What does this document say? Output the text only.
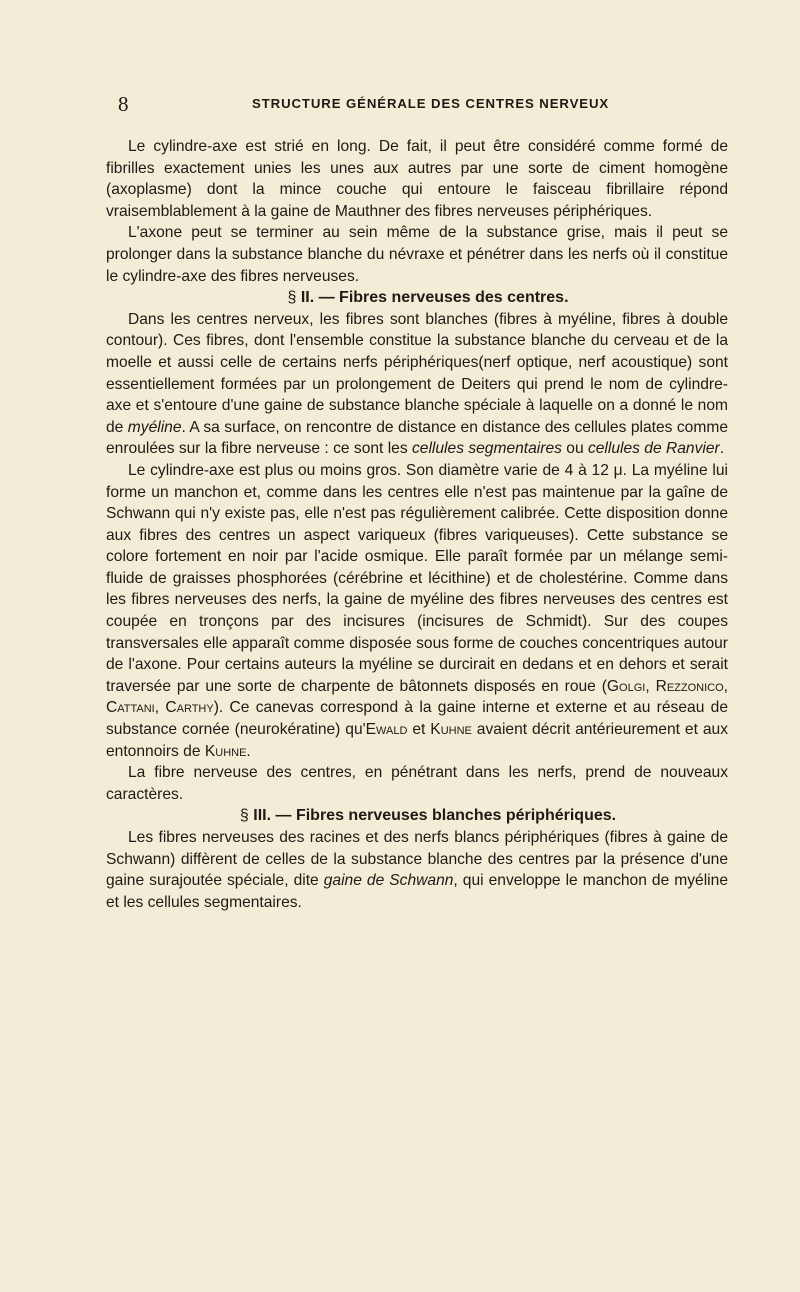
8	STRUCTURE GÉNÉRALE DES CENTRES NERVEUX

Le cylindre-axe est strié en long. De fait, il peut être considéré comme formé de fibrilles exactement unies les unes aux autres par une sorte de ciment homogène (axoplasme) dont la mince couche qui entoure le faisceau fibrillaire répond vraisemblablement à la gaine de Mauthner des fibres nerveuses périphériques.

L'axone peut se terminer au sein même de la substance grise, mais il peut se prolonger dans la substance blanche du névraxe et pénétrer dans les nerfs où il constitue le cylindre-axe des fibres nerveuses.

§ II. — Fibres nerveuses des centres.

Dans les centres nerveux, les fibres sont blanches (fibres à myéline, fibres à double contour). Ces fibres, dont l'ensemble constitue la substance blanche du cerveau et de la moelle et aussi celle de certains nerfs périphériques(nerf optique, nerf acoustique) sont essentiellement formées par un prolongement de Deiters qui prend le nom de cylindre-axe et s'entoure d'une gaine de substance blanche spéciale à laquelle on a donné le nom de myéline. A sa surface, on rencontre de distance en distance des cellules plates comme enroulées sur la fibre nerveuse : ce sont les cellules segmentaires ou cellules de Ranvier.

Le cylindre-axe est plus ou moins gros. Son diamètre varie de 4 à 12 μ. La myéline lui forme un manchon et, comme dans les centres elle n'est pas maintenue par la gaîne de Schwann qui n'y existe pas, elle n'est pas régulièrement calibrée. Cette disposition donne aux fibres des centres un aspect variqueux (fibres variqueuses). Cette substance se colore fortement en noir par l'acide osmique. Elle paraît formée par un mélange semi-fluide de graisses phosphorées (cérébrine et lécithine) et de cholestérine. Comme dans les fibres nerveuses des nerfs, la gaine de myéline des fibres nerveuses des centres est coupée en tronçons par des incisures (incisures de Schmidt). Sur des coupes transversales elle apparaît comme disposée sous forme de couches concentriques autour de l'axone. Pour certains auteurs la myéline se durcirait en dedans et en dehors et serait traversée par une sorte de charpente de bâtonnets disposés en roue (Golgi, Rezzonico, Cattani, Carthy). Ce canevas correspond à la gaine interne et externe et au réseau de substance cornée (neurokératine) qu'Ewald et Kuhne avaient décrit antérieurement et aux entonnoirs de Kuhne.

La fibre nerveuse des centres, en pénétrant dans les nerfs, prend de nouveaux caractères.

§ III. — Fibres nerveuses blanches périphériques.

Les fibres nerveuses des racines et des nerfs blancs périphériques (fibres à gaine de Schwann) diffèrent de celles de la substance blanche des centres par la présence d'une gaine surajoutée spéciale, dite gaine de Schwann, qui enveloppe le manchon de myéline et les cellules segmentaires.
